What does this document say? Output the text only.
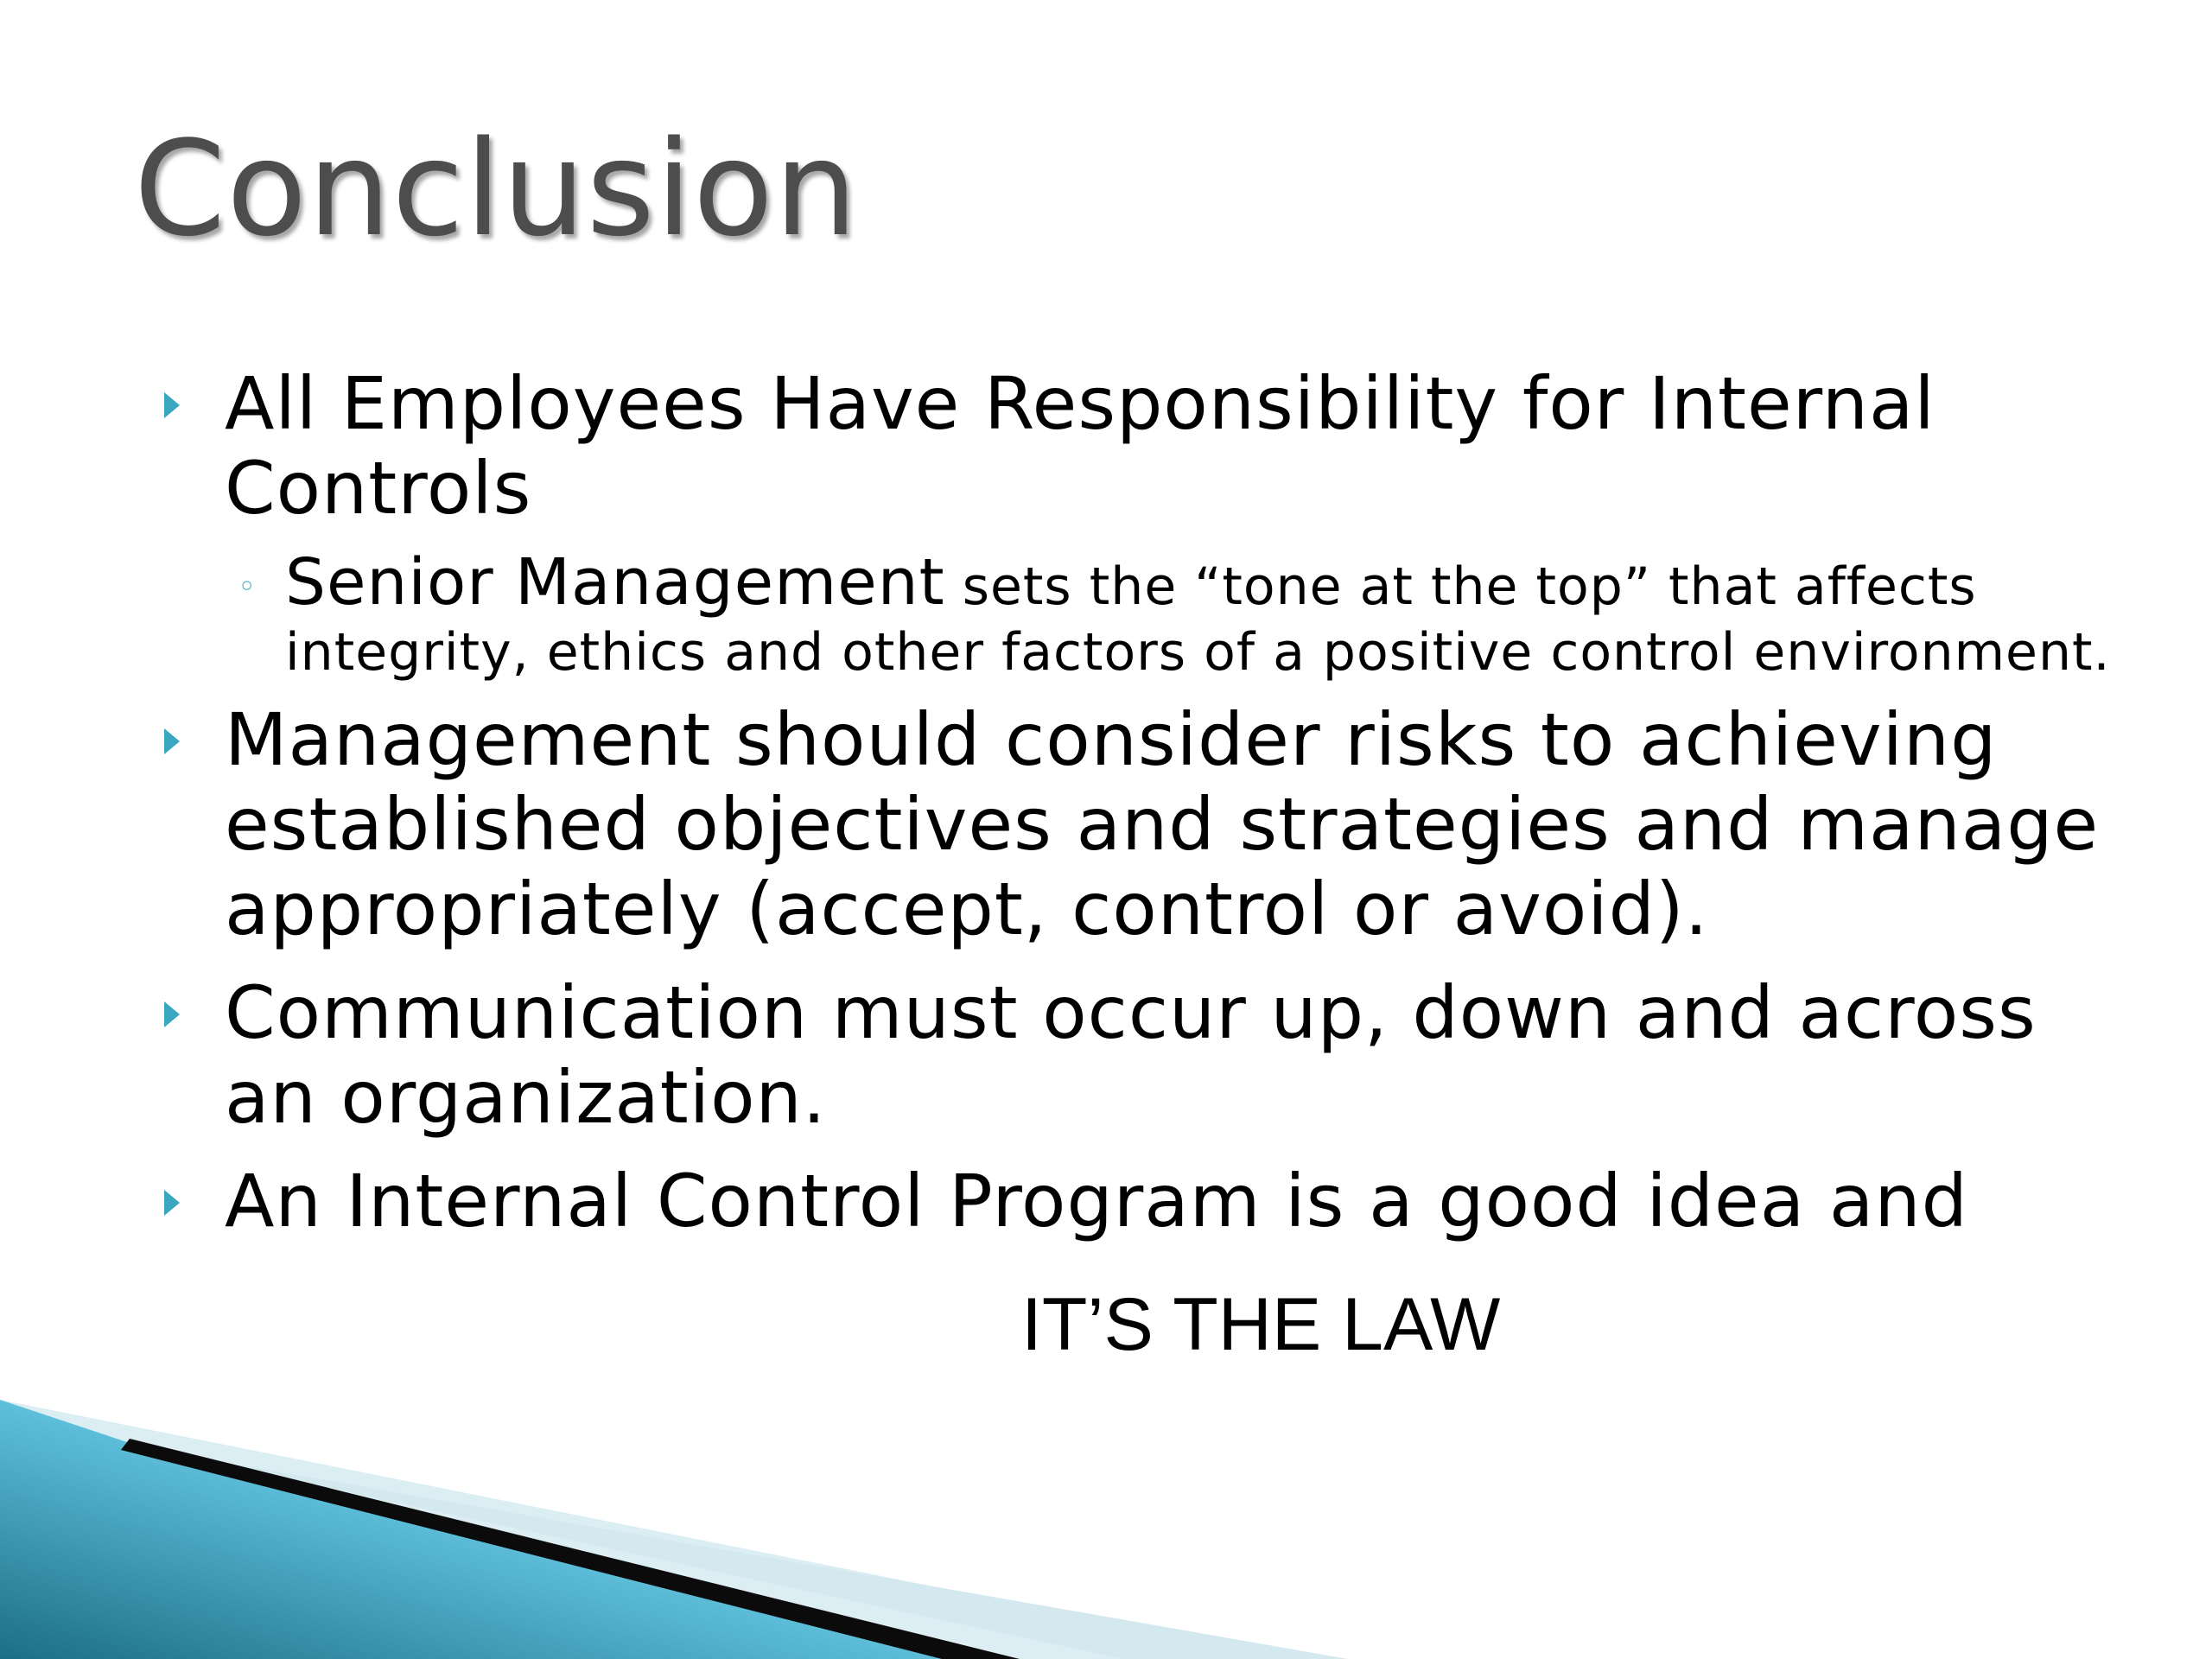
Conclusion
All Employees Have Responsibility for Internal Controls
◦ Senior Management sets the “tone at the top” that affects integrity, ethics and other factors of a positive control environment.
Management should consider risks to achieving established objectives and strategies and manage appropriately (accept, control or avoid).
Communication must occur up, down and across an organization.
An Internal Control Program is a good idea and
IT’S THE LAW
